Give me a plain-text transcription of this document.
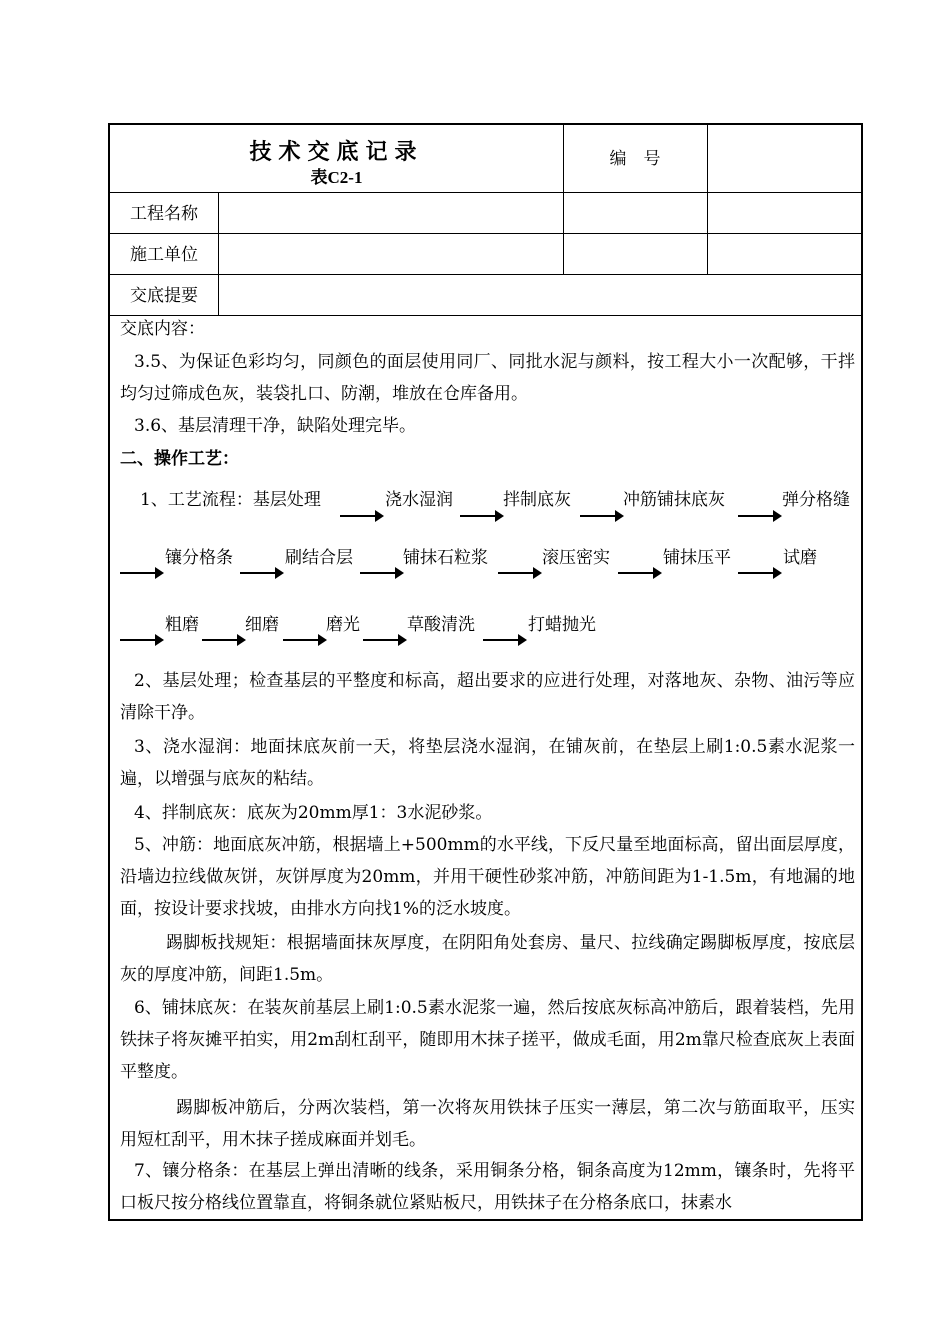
技术交底记录
表C2-1
编　号
工程名称
施工单位
交底提要
交底内容：
3.5、为保证色彩均匀，同颜色的面层使用同厂、同批水泥与颜料，按工程大小一次配够，干拌均匀过筛成色灰，装袋扎口、防潮，堆放在仓库备用。
3.6、基层清理干净，缺陷处理完毕。
二、操作工艺：
1、工艺流程：基层处理	浇水湿润	拌制底灰	冲筋铺抹底灰	弹分格缝
镶分格条	刷结合层	铺抹石粒浆	滚压密实	铺抹压平	试磨
粗磨	细磨	磨光	草酸清洗	打蜡抛光
2、基层处理；检查基层的平整度和标高，超出要求的应进行处理，对落地灰、杂物、油污等应清除干净。
3、浇水湿润：地面抹底灰前一天，将垫层浇水湿润，在铺灰前，在垫层上刷1:0.5素水泥浆一遍，以增强与底灰的粘结。
4、拌制底灰：底灰为20mm厚1：3水泥砂浆。
5、冲筋：地面底灰冲筋，根据墙上+500mm的水平线，下反尺量至地面标高，留出面层厚度，沿墙边拉线做灰饼，灰饼厚度为20mm，并用干硬性砂浆冲筋，冲筋间距为1-1.5m，有地漏的地面，按设计要求找坡，由排水方向找1%的泛水坡度。
踢脚板找规矩：根据墙面抹灰厚度，在阴阳角处套房、量尺、拉线确定踢脚板厚度，按底层灰的厚度冲筋，间距1.5m。
6、铺抹底灰：在装灰前基层上刷1:0.5素水泥浆一遍，然后按底灰标高冲筋后，跟着装档，先用铁抹子将灰摊平拍实，用2m刮杠刮平，随即用木抹子搓平，做成毛面，用2m靠尺检查底灰上表面平整度。
踢脚板冲筋后，分两次装档，第一次将灰用铁抹子压实一薄层，第二次与筋面取平，压实用短杠刮平，用木抹子搓成麻面并划毛。
7、镶分格条：在基层上弹出清晰的线条，采用铜条分格，铜条高度为12mm，镶条时，先将平口板尺按分格线位置靠直，将铜条就位紧贴板尺，用铁抹子在分格条底口，抹素水
